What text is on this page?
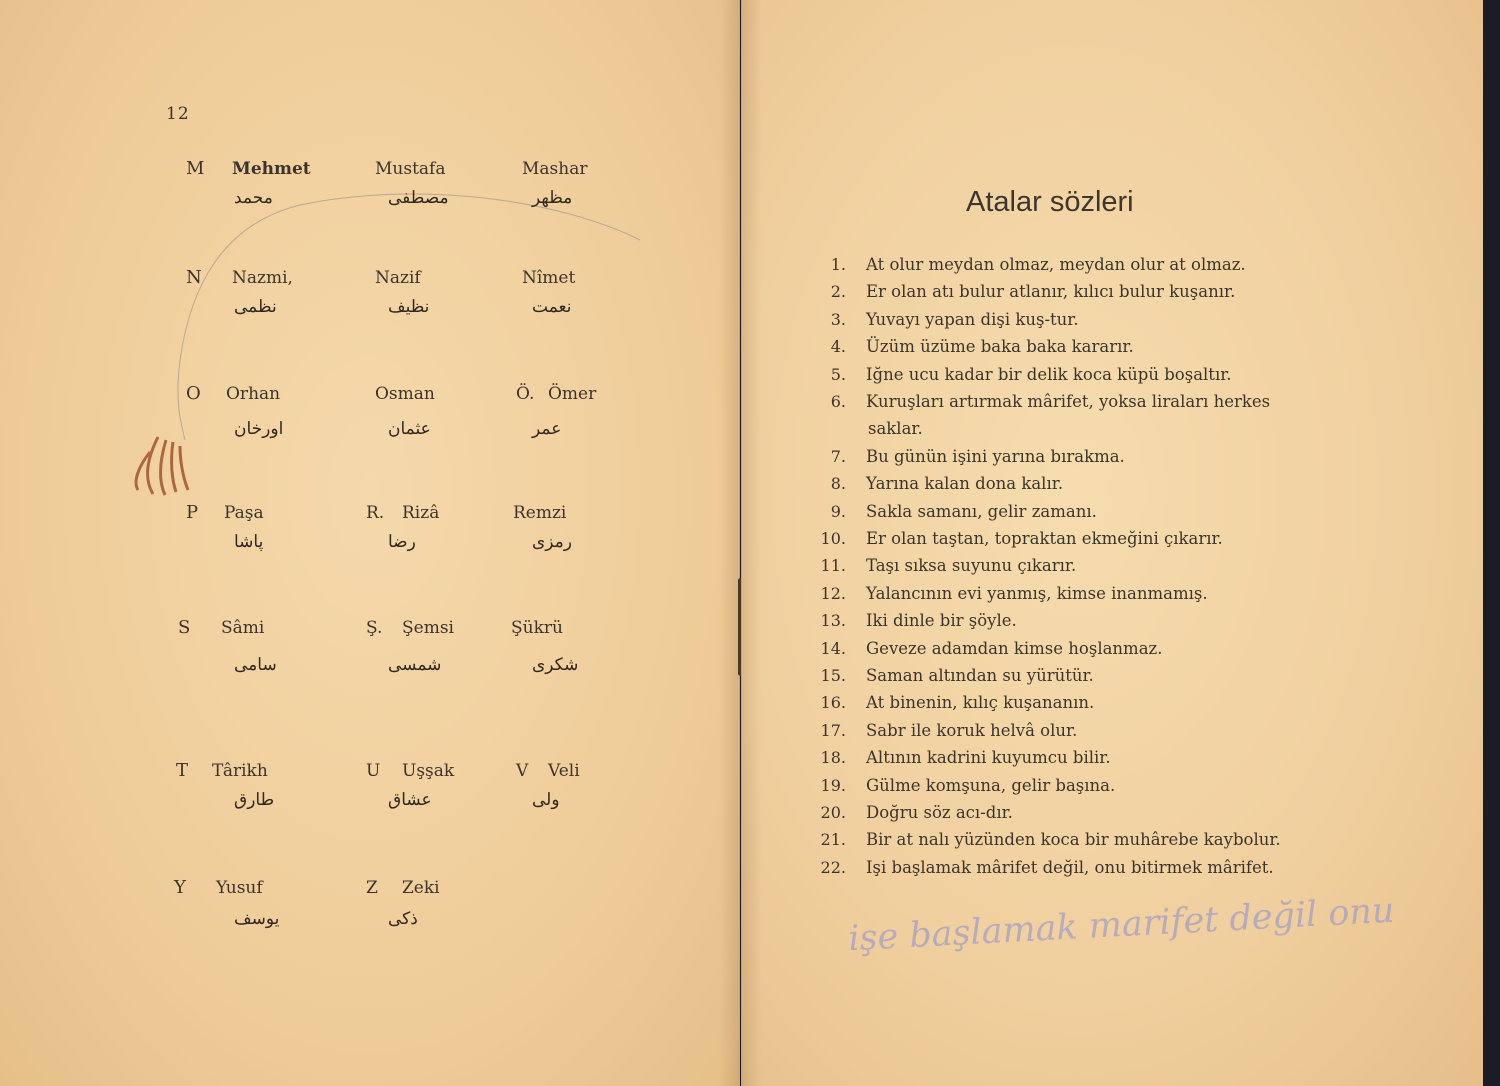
12
M Mehmet
محمد
Mustafa
مصطفى
Mashar
مظهر
N Nazmi,
نظمى
Nazif
نظيف
Nîmet
نعمت
O Orhan
اورخان
Osman
عثمان
Ö. Ömer
عمر
P Paşa
پاشا
R. Rizâ
رضا
Remzi
رمزى
S Sâmi
سامى
Ş. Şemsi
شمسى
Şükrü
شكرى
T Târikh
طارق
U Uşşak
عشاق
V Veli
ولى
Y Yusuf
يوسف
Z Zeki
ذكى
Atalar sözleri
1. At olur meydan olmaz, meydan olur at olmaz.
2. Er olan atı bulur atlanır, kılıcı bulur kuşanır.
3. Yuvayı yapan dişi kuş-tur.
4. Üzüm üzüme baka baka kararır.
5. Iğne ucu kadar bir delik koca küpü boşaltır.
6. Kuruşları artırmak mârifet, yoksa liraları herkes
saklar.
7. Bu günün işini yarına bırakma.
8. Yarına kalan dona kalır.
9. Sakla samanı, gelir zamanı.
10. Er olan taştan, topraktan ekmeğini çıkarır.
11. Taşı sıksa suyunu çıkarır.
12. Yalancının evi yanmış, kimse inanmamış.
13. Iki dinle bir şöyle.
14. Geveze adamdan kimse hoşlanmaz.
15. Saman altından su yürütür.
16. At binenin, kılıç kuşananın.
17. Sabr ile koruk helvâ olur.
18. Altının kadrini kuyumcu bilir.
19. Gülme komşuna, gelir başına.
20. Doğru söz acı-dır.
21. Bir at nalı yüzünden koca bir muhârebe kaybolur.
22. Işi başlamak mârifet değil, onu bitirmek mârifet.
işe başlamak marifet değil onu
